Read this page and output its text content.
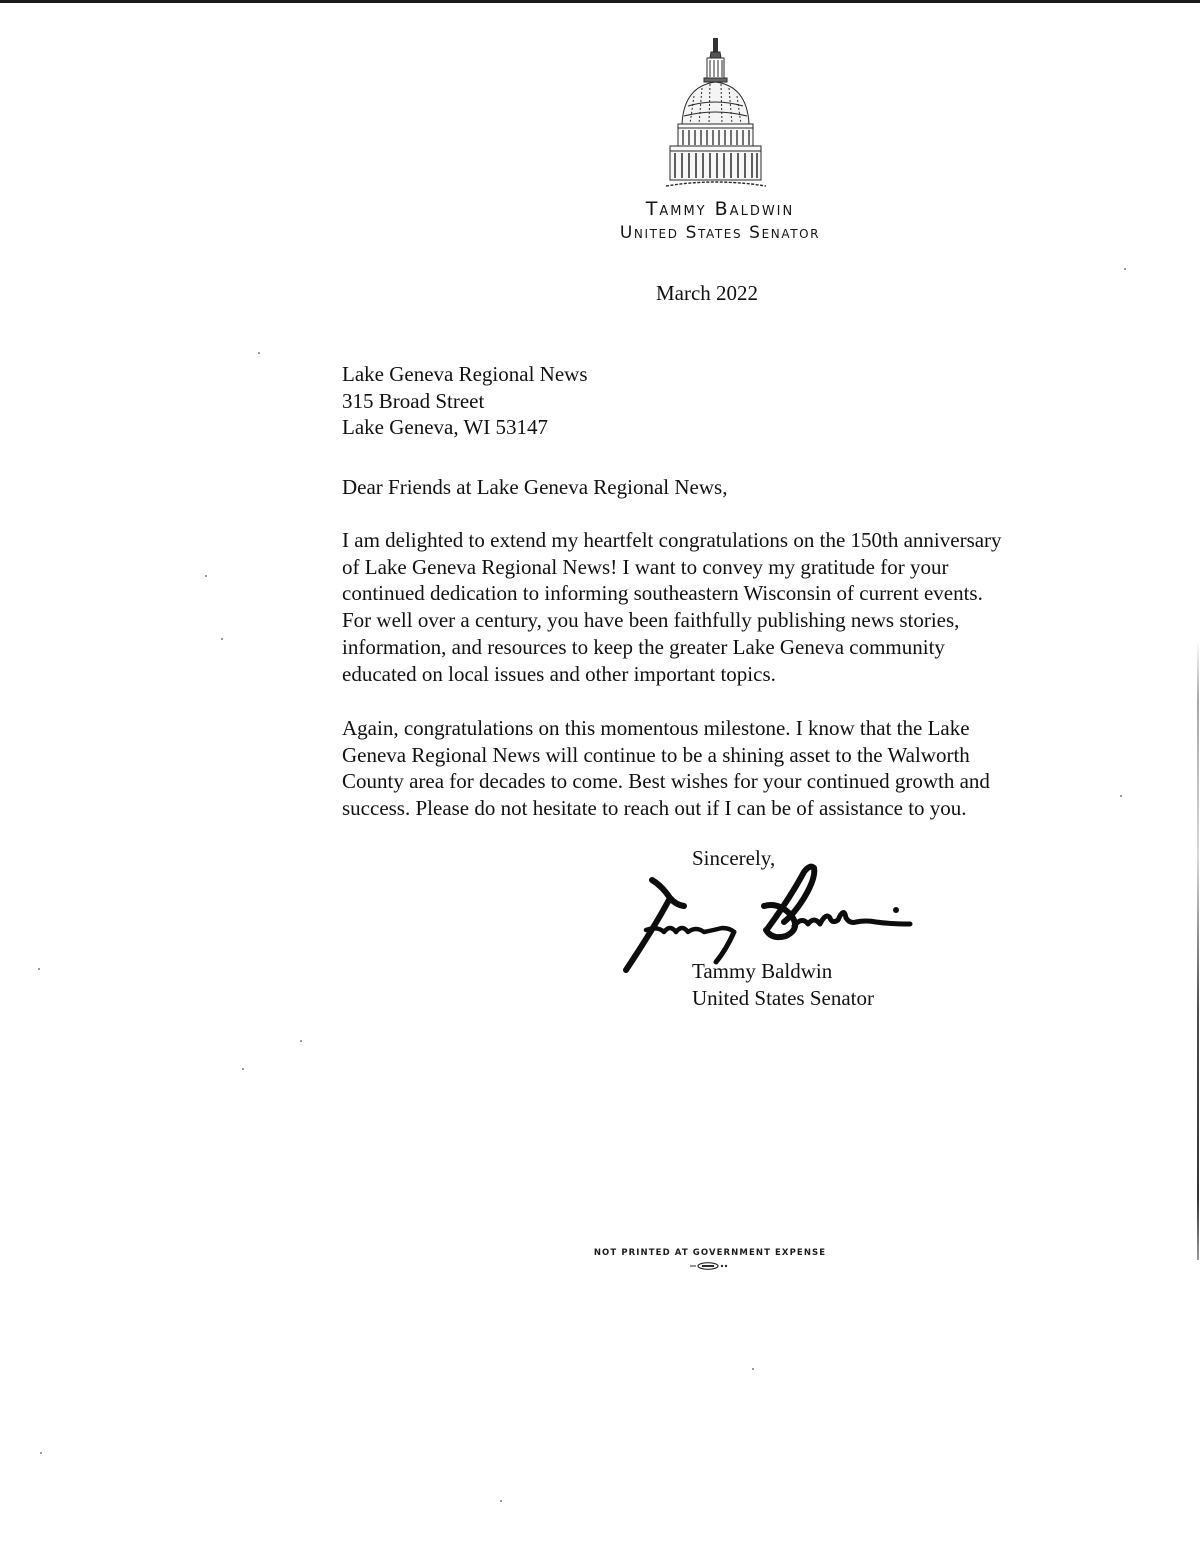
Tammy Baldwin
United States Senator
March 2022
Lake Geneva Regional News
315 Broad Street
Lake Geneva, WI 53147
Dear Friends at Lake Geneva Regional News,
I am delighted to extend my heartfelt congratulations on the 150th anniversary
of Lake Geneva Regional News! I want to convey my gratitude for your
continued dedication to informing southeastern Wisconsin of current events.
For well over a century, you have been faithfully publishing news stories,
information, and resources to keep the greater Lake Geneva community
educated on local issues and other important topics.
Again, congratulations on this momentous milestone. I know that the Lake
Geneva Regional News will continue to be a shining asset to the Walworth
County area for decades to come. Best wishes for your continued growth and
success. Please do not hesitate to reach out if I can be of assistance to you.
Sincerely,
Tammy Baldwin
United States Senator
NOT PRINTED AT GOVERNMENT EXPENSE
